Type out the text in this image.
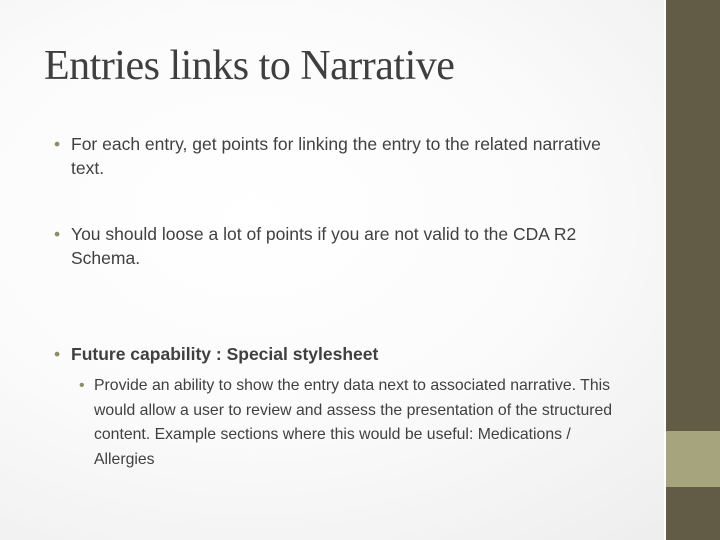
Entries links to Narrative
• For each entry, get points for linking the entry to the related narrative text.
• You should loose a lot of points if you are not valid to the CDA R2 Schema.
• Future capability : Special stylesheet
• Provide an ability to show the entry data next to associated narrative. This would allow a user to review and assess the presentation of the structured content. Example sections where this would be useful: Medications / Allergies
